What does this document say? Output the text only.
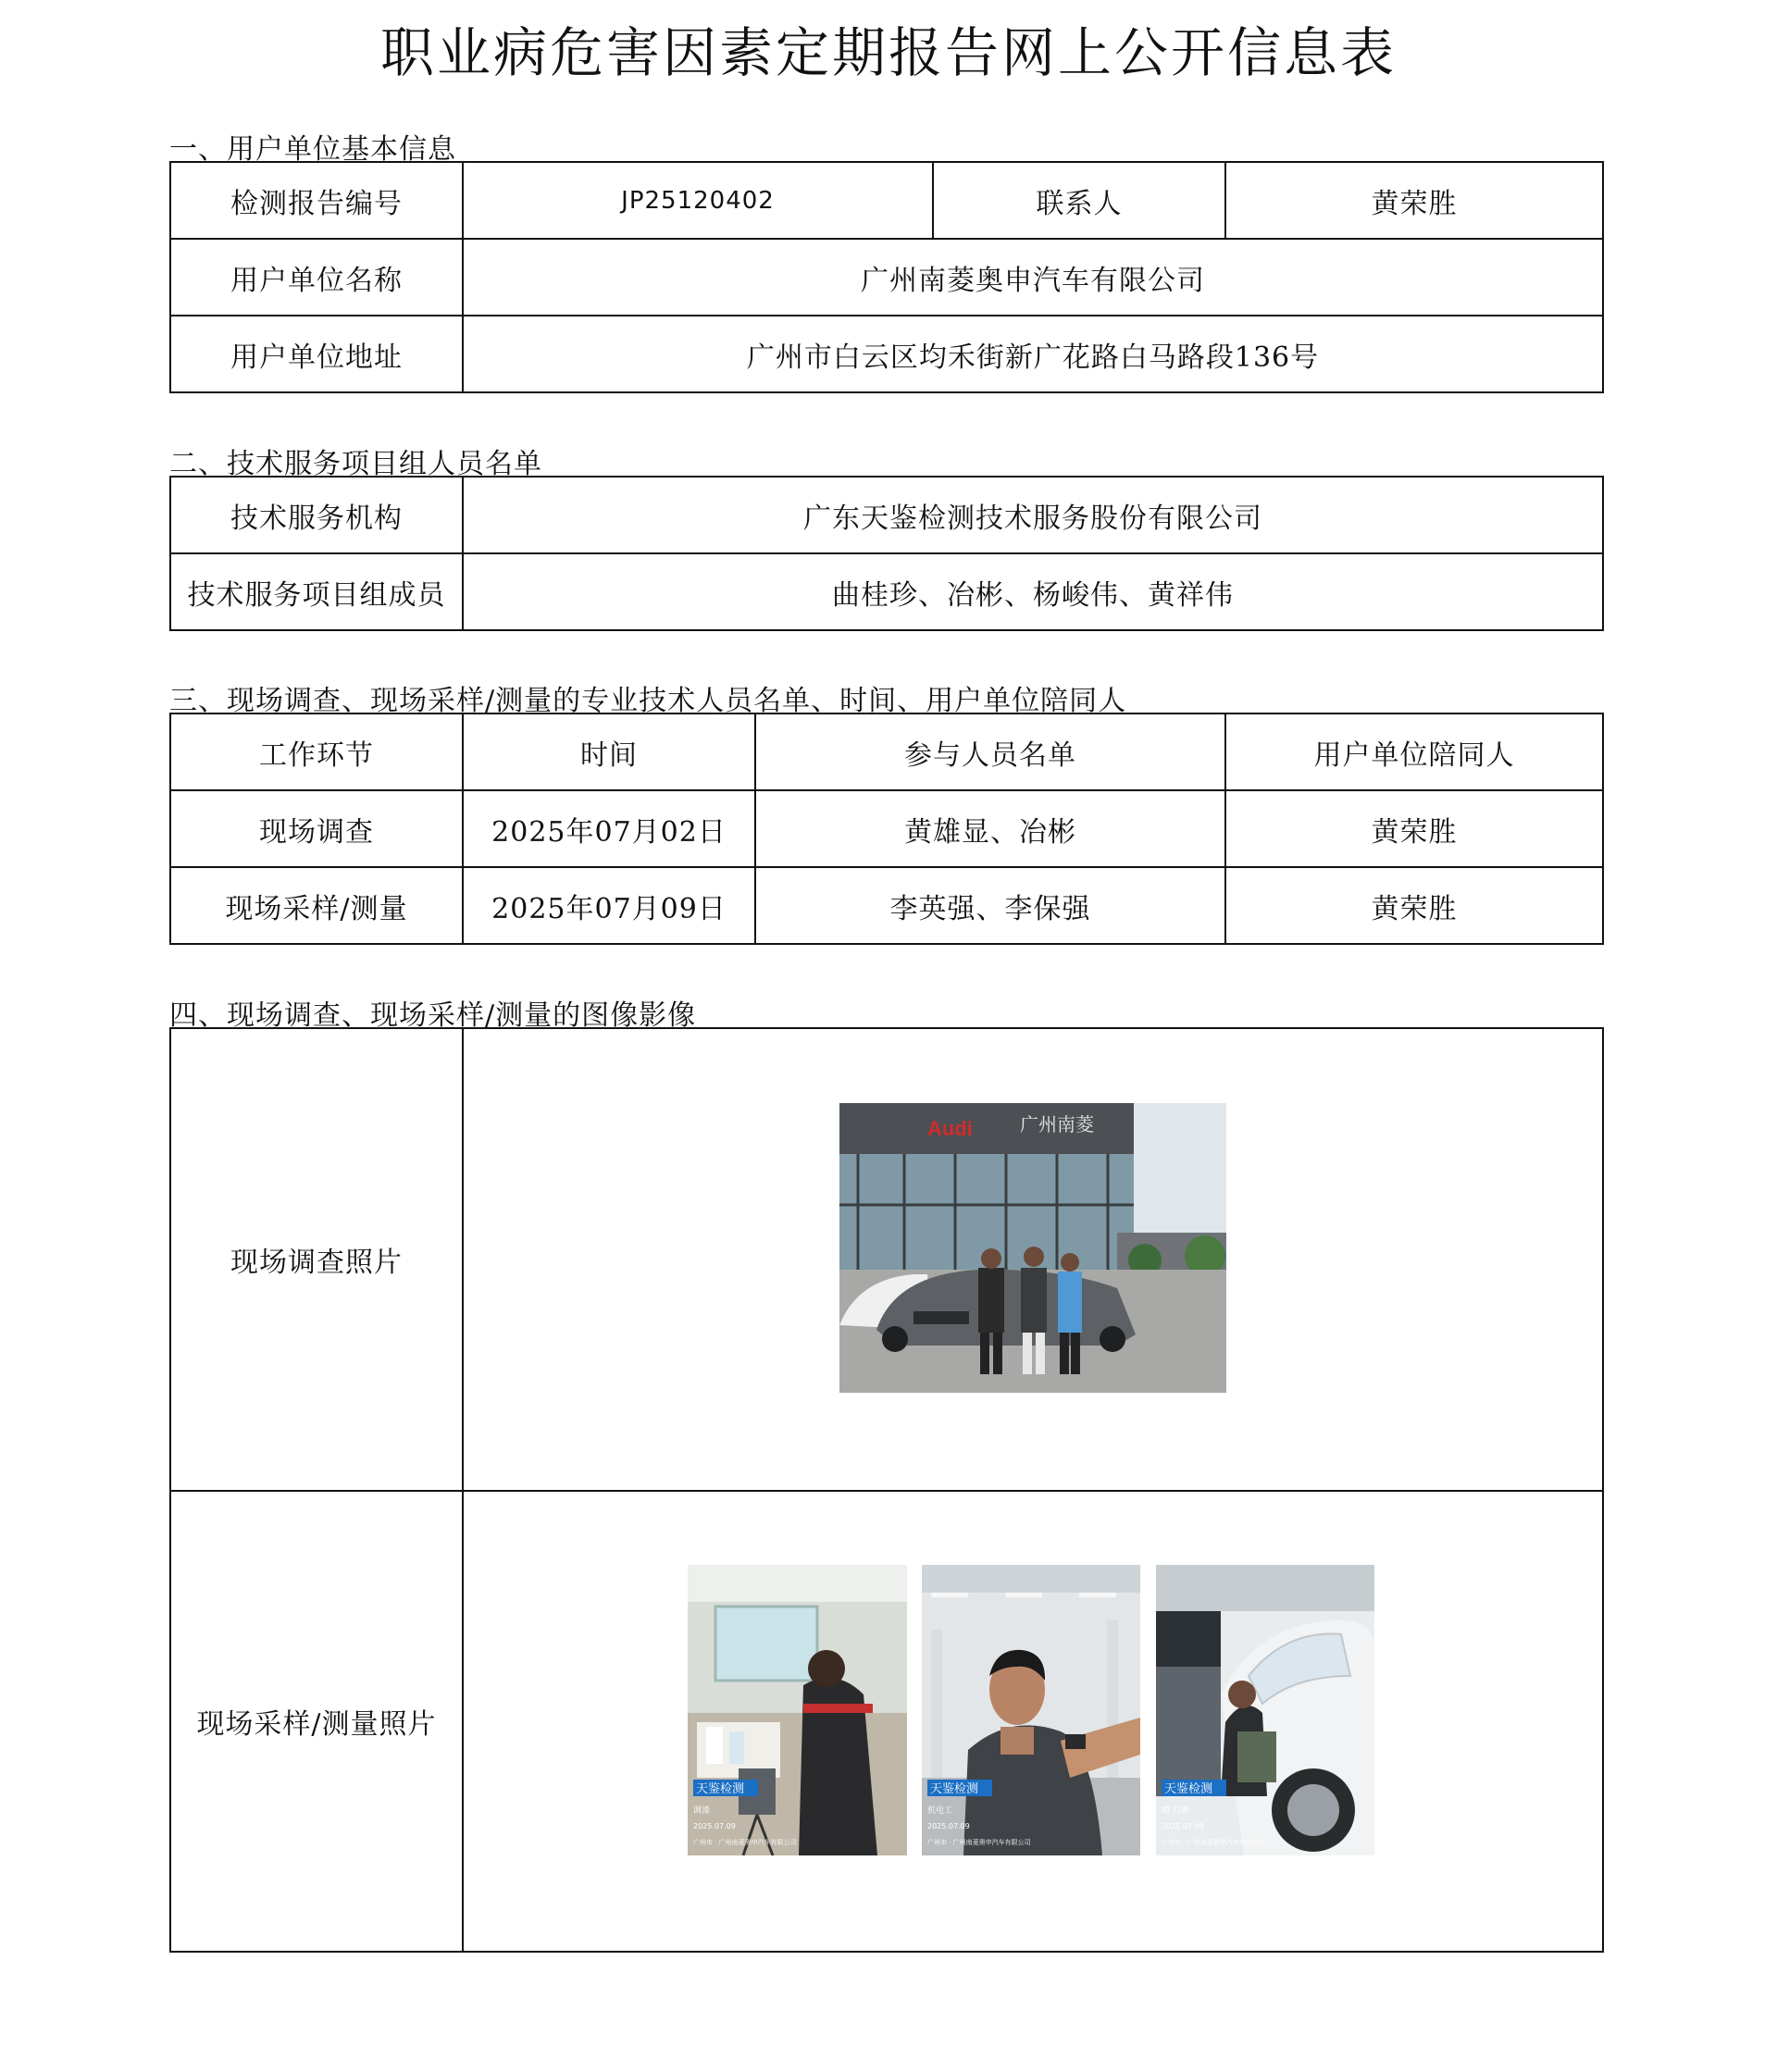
职业病危害因素定期报告网上公开信息表
一、用户单位基本信息
检测报告编号	JP25120402	联系人	黄荣胜
用户单位名称	广州南菱奥申汽车有限公司		
用户单位地址	广州市白云区均禾街新广花路白马路段136号		
二、技术服务项目组人员名单
技术服务机构	广东天鉴检测技术服务股份有限公司
技术服务项目组成员	曲桂珍、冶彬、杨峻伟、黄祥伟
三、现场调查、现场采样/测量的专业技术人员名单、时间、用户单位陪同人
工作环节	时间	参与人员名单	用户单位陪同人
现场调查	2025年07月02日	黄雄显、冶彬	黄荣胜
现场采样/测量	2025年07月09日	李英强、李保强	黄荣胜
四、现场调查、现场采样/测量的图像影像
现场调查照片	
现场采样/测量照片	
Audi	广州南菱
天鉴检测
调漆
2025.07.09
广州市 · 广州南菱奥申汽车有限公司
天鉴检测
机电工
2025.07.09
广州市 · 广州南菱奥申汽车有限公司
天鉴检测
喷 打磨
2025.07.09
广州市 · 广州南菱奥申汽车有限公司
